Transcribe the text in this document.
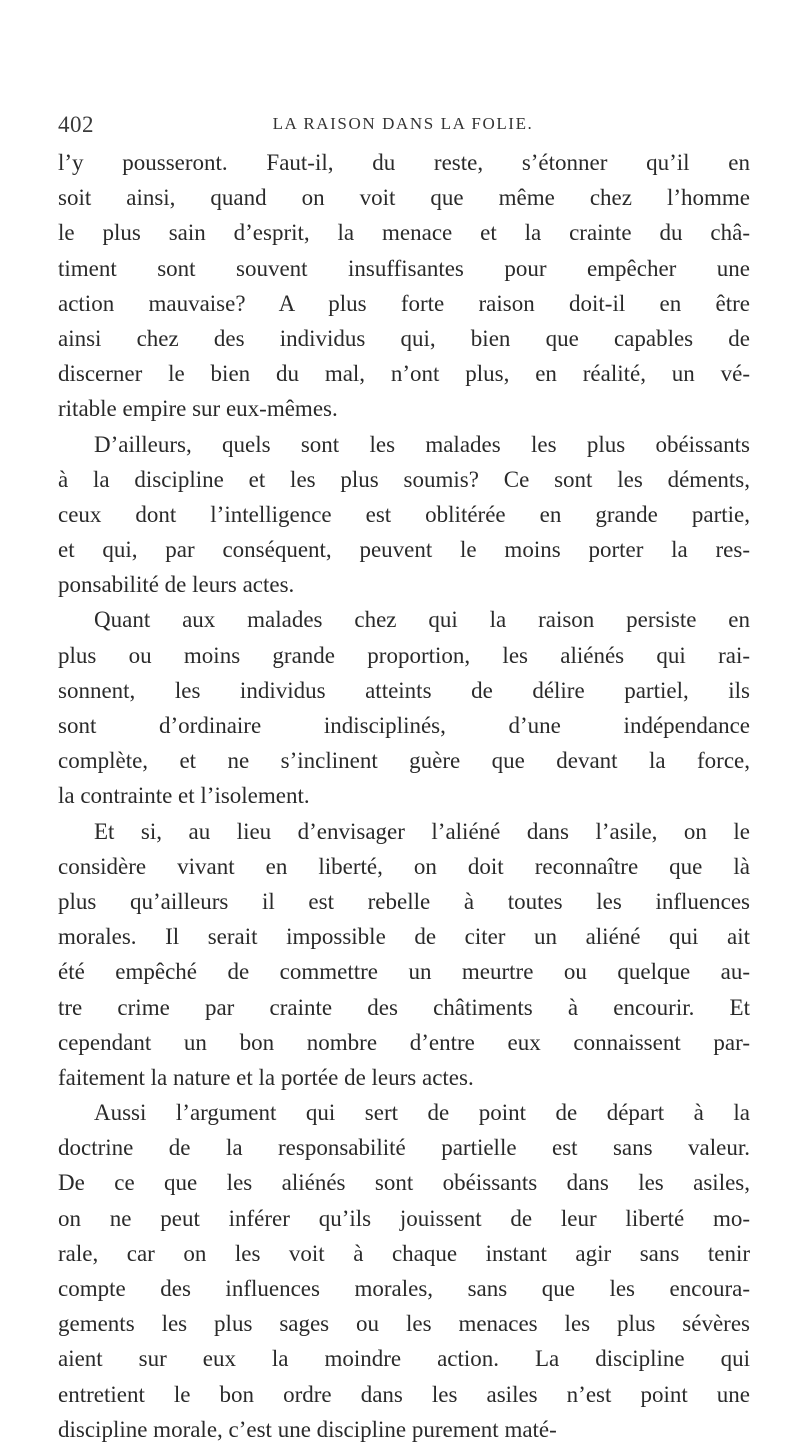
402	LA RAISON DANS LA FOLIE.
l’y pousseront. Faut-il, du reste, s’étonner qu’il en
soit ainsi, quand on voit que même chez l’homme
le plus sain d’esprit, la menace et la crainte du châ-
timent sont souvent insuffisantes pour empêcher une
action mauvaise? A plus forte raison doit-il en être
ainsi chez des individus qui, bien que capables de
discerner le bien du mal, n’ont plus, en réalité, un vé-
ritable empire sur eux-mêmes.
D’ailleurs, quels sont les malades les plus obéissants
à la discipline et les plus soumis? Ce sont les déments,
ceux dont l’intelligence est oblitérée en grande partie,
et qui, par conséquent, peuvent le moins porter la res-
ponsabilité de leurs actes.
Quant aux malades chez qui la raison persiste en
plus ou moins grande proportion, les aliénés qui rai-
sonnent, les individus atteints de délire partiel, ils
sont d’ordinaire indisciplinés, d’une indépendance
complète, et ne s’inclinent guère que devant la force,
la contrainte et l’isolement.
Et si, au lieu d’envisager l’aliéné dans l’asile, on le
considère vivant en liberté, on doit reconnaître que là
plus qu’ailleurs il est rebelle à toutes les influences
morales. Il serait impossible de citer un aliéné qui ait
été empêché de commettre un meurtre ou quelque au-
tre crime par crainte des châtiments à encourir. Et
cependant un bon nombre d’entre eux connaissent par-
faitement la nature et la portée de leurs actes.
Aussi l’argument qui sert de point de départ à la
doctrine de la responsabilité partielle est sans valeur.
De ce que les aliénés sont obéissants dans les asiles,
on ne peut inférer qu’ils jouissent de leur liberté mo-
rale, car on les voit à chaque instant agir sans tenir
compte des influences morales, sans que les encoura-
gements les plus sages ou les menaces les plus sévères
aient sur eux la moindre action. La discipline qui
entretient le bon ordre dans les asiles n’est point une
discipline morale, c’est une discipline purement maté-
